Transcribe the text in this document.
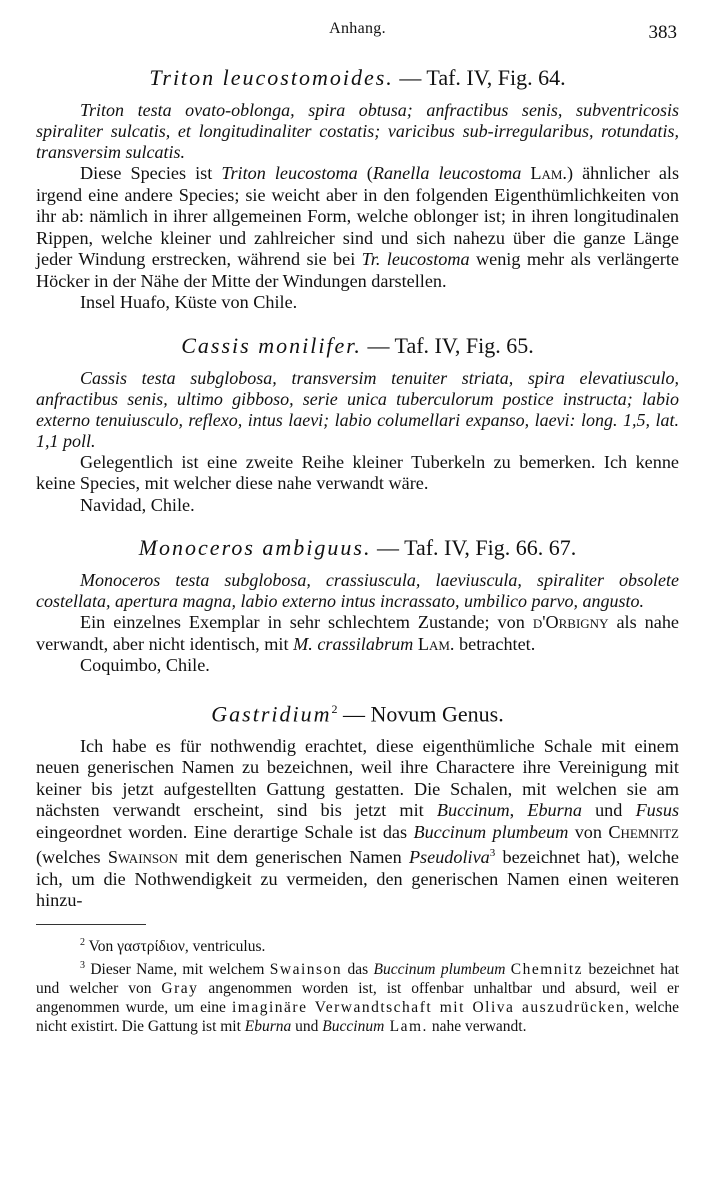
Anhang.	383
Triton leucostomoides. — Taf. IV, Fig. 64.

Triton testa ovato-oblonga, spira obtusa; anfractibus senis, subventricosis spiraliter sulcatis, et longitudinaliter costatis; varicibus sub-irregularibus, rotundatis, transversim sulcatis.

Diese Species ist Triton leucostoma (Ranella leucostoma Lam.) ähnlicher als irgend eine andere Species; sie weicht aber in den folgenden Eigenthümlichkeiten von ihr ab: nämlich in ihrer allgemeinen Form, welche oblonger ist; in ihren longitudinalen Rippen, welche kleiner und zahlreicher sind und sich nahezu über die ganze Länge jeder Windung erstrecken, während sie bei Tr. leucostoma wenig mehr als verlängerte Höcker in der Nähe der Mitte der Windungen darstellen.

Insel Huafo, Küste von Chile.

Cassis monilifer. — Taf. IV, Fig. 65.

Cassis testa subglobosa, transversim tenuiter striata, spira elevatiusculo, anfractibus senis, ultimo gibboso, serie unica tuberculorum postice instructa; labio externo tenuiusculo, reflexo, intus laevi; labio columellari expanso, laevi: long. 1,5, lat. 1,1 poll.

Gelegentlich ist eine zweite Reihe kleiner Tuberkeln zu bemerken. Ich kenne keine Species, mit welcher diese nahe verwandt wäre.

Navidad, Chile.

Monoceros ambiguus. — Taf. IV, Fig. 66. 67.

Monoceros testa subglobosa, crassiuscula, laeviuscula, spiraliter obsolete costellata, apertura magna, labio externo intus incrassato, umbilico parvo, angusto.

Ein einzelnes Exemplar in sehr schlechtem Zustande; von d'Orbigny als nahe verwandt, aber nicht identisch, mit M. crassilabrum Lam. betrachtet.

Coquimbo, Chile.

Gastridium$^2$ — Novum Genus.

Ich habe es für nothwendig erachtet, diese eigenthümliche Schale mit einem neuen generischen Namen zu bezeichnen, weil ihre Charactere ihre Vereinigung mit keiner bis jetzt aufgestellten Gattung gestatten. Die Schalen, mit welchen sie am nächsten verwandt erscheint, sind bis jetzt mit Buccinum, Eburna und Fusus eingeordnet worden. Eine derartige Schale ist das Buccinum plumbeum von Chemnitz (welches Swainson mit dem generischen Namen Pseudoliva$^3$ bezeichnet hat), welche ich, um die Nothwendigkeit zu vermeiden, den generischen Namen einen weiteren hinzu-

$^2$ Von γαστρίδιον, ventriculus.

$^3$ Dieser Name, mit welchem Swainson das Buccinum plumbeum Chemnitz bezeichnet hat und welcher von Gray angenommen worden ist, ist offenbar unhaltbar und absurd, weil er angenommen wurde, um eine imaginäre Verwandtschaft mit Oliva auszudrücken, welche nicht existirt. Die Gattung ist mit Eburna und Buccinum Lam. nahe verwandt.
